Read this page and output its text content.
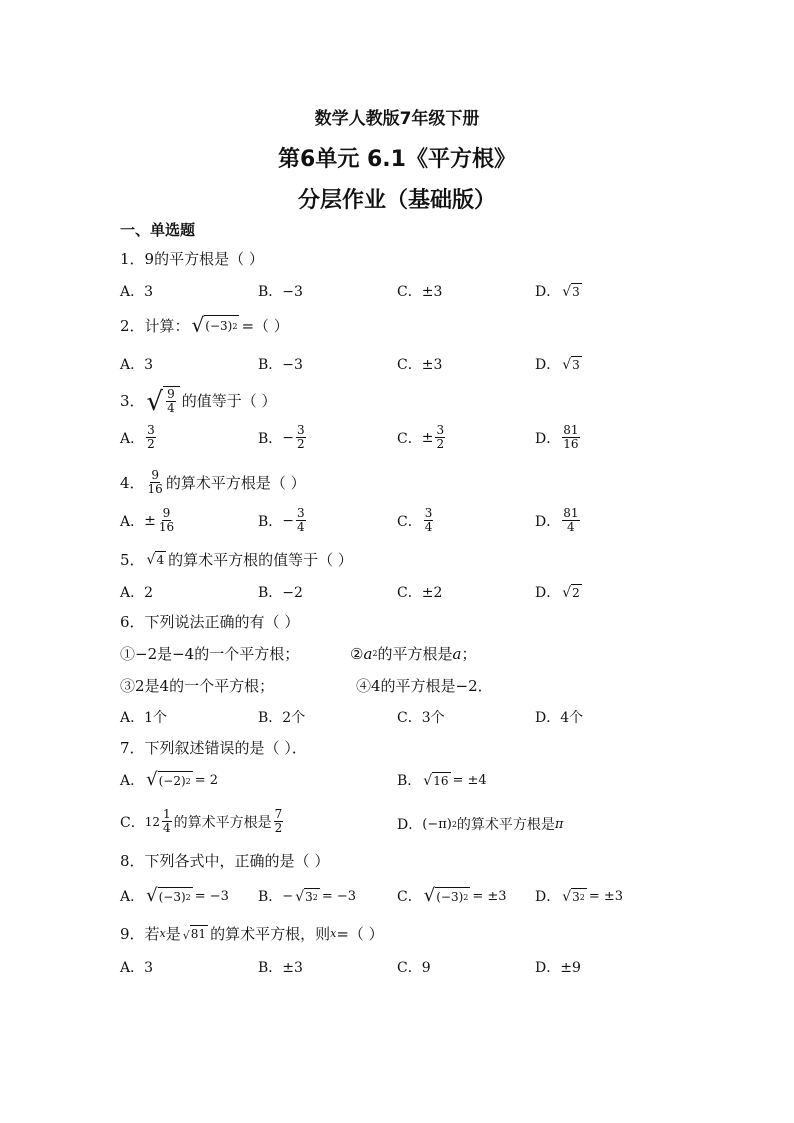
数学人教版7年级下册
第6单元 6.1《平方根》
分层作业（基础版）
一、单选题
1．9的平方根是（ ）
A．3	B．−3	C．±3	D． √ 3
2．计算： √ (−3) 2 =（ ）
A．3	B．−3	C．±3	D． √ 3
3． √ $\frac{9}{4}$ 的值等于（ ）
A． $\frac{3}{2}$	B． − $\frac{3}{2}$	C． ± $\frac{3}{2}$	D． $\frac{81}{16}$
4． $\frac{9}{16}$ 的算术平方根是（ ）
A． ± $\frac{9}{16}$	B． − $\frac{3}{4}$	C． $\frac{3}{4}$	D． $\frac{81}{4}$
5． √ 4 的算术平方根的值等于（ ）
A．2	B．−2	C．±2	D． √ 2
6．下列说法正确的有（ ）
①−2是−4的一个平方根；	② a 2 的平方根是 a ；
③2是4的一个平方根；	④4的平方根是−2．
A．1个	B．2个	C．3个	D．4个
7．下列叙述错误的是（ ）．
A． √ (−2) 2 = 2	B． √ 16 = ±4
C． $12 \frac{1}{4}$ 的算术平方根是 $\frac{7}{2}$	D． (−π) 2 的算术平方根是 π
8．下列各式中，正确的是（ ）
A． √ (−3) 2 = −3 B． − √ 3 2 = −3	C． √ (−3) 2 = ±3 D． √ 3 2 = ±3
9．若 x 是 √ 81 的算术平方根，则 x =（ ）
A．3	B．±3	C．9	D．±9
